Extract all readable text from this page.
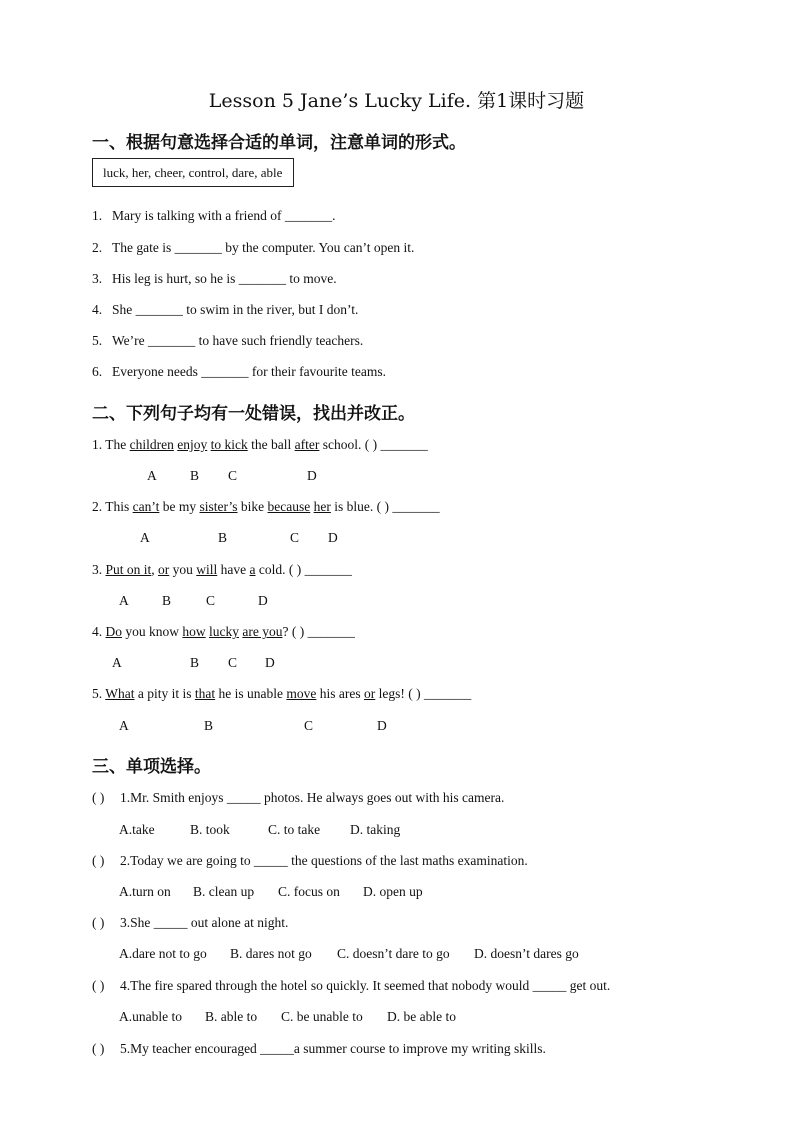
Lesson 5 Jane’s Lucky Life. 第1课时习题
一、根据句意选择合适的单词，注意单词的形式。
luck, her, cheer, control, dare, able
1. Mary is talking with a friend of _______.
2. The gate is _______ by the computer. You can’t open it.
3. His leg is hurt, so he is _______ to move.
4. She _______ to swim in the river, but I don’t.
5. We’re _______ to have such friendly teachers.
6. Everyone needs _______ for their favourite teams.
二、下列句子均有一处错误，找出并改正。
1. The children enjoy to kick the ball after school. ( ) _______
A B C	D
2. This can’t be my sister’s bike because her is blue. ( ) _______
A	B	C D
3. Put on it, or you will have a cold. ( ) _______
A B	C	D
4. Do you know how lucky are you? ( ) _______
A	B C D
5. What a pity it is that he is unable move his ares or legs! ( ) _______
A	B	C	D
三、单项选择。
( ) 1.Mr. Smith enjoys _____ photos. He always goes out with his camera.
A.take	B. took	C. to take D. taking
( ) 2.Today we are going to _____ the questions of the last maths examination.
A.turn on B. clean up C. focus on D. open up
( ) 3.She _____ out alone at night.
A.dare not to go B. dares not go C. doesn’t dare to go D. doesn’t dares go
( ) 4.The fire spared through the hotel so quickly. It seemed that nobody would _____ get out.
A.unable to B. able to C. be unable to D. be able to
( ) 5.My teacher encouraged _____a summer course to improve my writing skills.
